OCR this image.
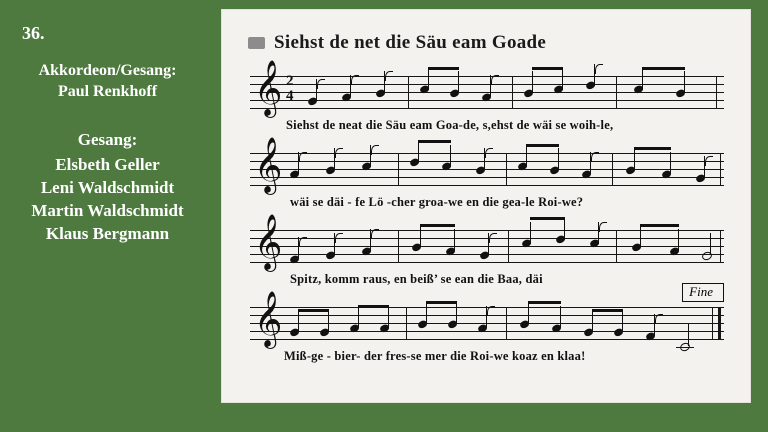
36.
Akkordeon/Gesang:
Paul Renkhoff
Gesang:
Elsbeth Geller
Leni Waldschmidt
Martin Waldschmidt
Klaus Bergmann
Siehst de net die Säu eam Goade
𝄞 2
4
Siehst de neat die Säu eam Goa-de, s,ehst de wäi se woih-le,
𝄞
wäi se däi - fe Lö -cher groa-we en die gea-le Roi-we?
𝄞
Spitz, komm raus, en beiß’ se ean die Baa, däi
𝄞	Fine
Miß-ge - bier- der fres-se mer die Roi-we koaz en klaa!
